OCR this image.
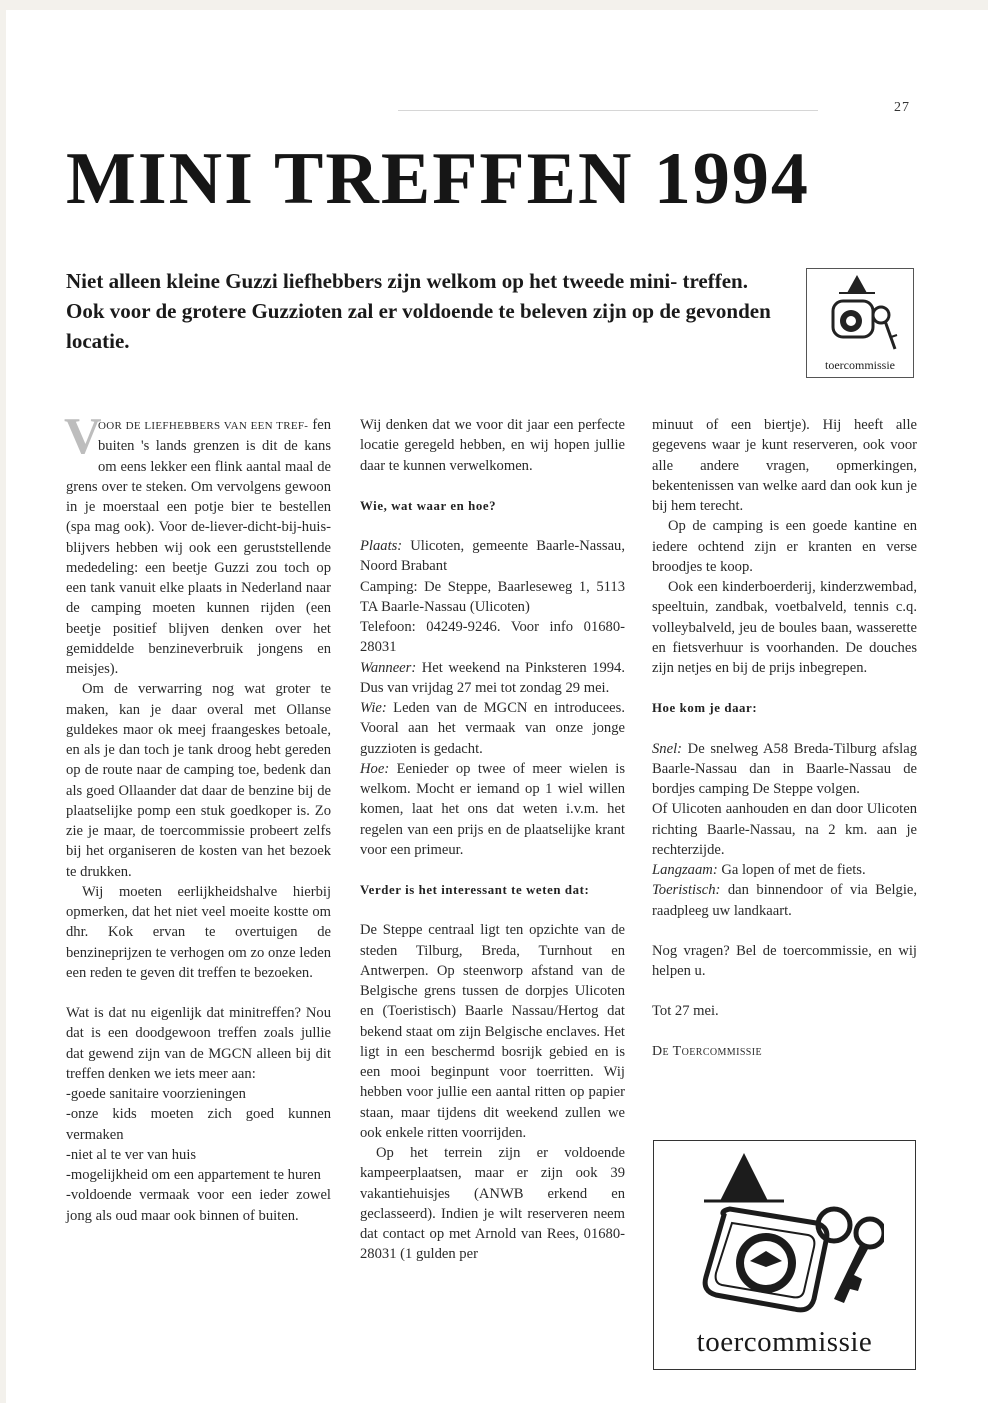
27
MINI TREFFEN 1994
Niet alleen kleine Guzzi liefhebbers zijn welkom op het tweede mini- treffen. Ook voor de grotere Guzzioten zal er voldoende te beleven zijn op de gevonden locatie.
toercommissie

V
OOR DE LIEFHEBBERS VAN EEN TREF- fen buiten 's lands grenzen is dit de kans om eens lekker een flink aantal maal de grens over te steken. Om vervolgens gewoon in je moerstaal een potje bier te bestellen (spa mag ook). Voor de-liever-dicht-bij-huis-blijvers hebben wij ook een geruststellende mededeling: een beetje Guzzi zou toch op een tank vanuit elke plaats in Nederland naar de camping moeten kunnen rijden (een beetje positief blijven denken over het gemiddelde benzineverbruik jongens en meisjes).

Om de verwarring nog wat groter te maken, kan je daar overal met Ollanse guldekes maor ok meej fraangeskes betoale, en als je dan toch je tank droog hebt gereden op de route naar de camping toe, bedenk dan als goed Ollaander dat daar de benzine bij de plaatselijke pomp een stuk goedkoper is. Zo zie je maar, de toercommissie probeert zelfs bij het organiseren de kosten van het bezoek te drukken.

Wij moeten eerlijkheidshalve hierbij opmerken, dat het niet veel moeite kostte om dhr. Kok ervan te overtuigen de benzineprijzen te verhogen om zo onze leden een reden te geven dit treffen te bezoeken.

Wat is dat nu eigenlijk dat minitreffen? Nou dat is een doodgewoon treffen zoals jullie dat gewend zijn van de MGCN alleen bij dit treffen denken we iets meer aan:

-goede sanitaire voorzieningen
-onze kids moeten zich goed kunnen vermaken
-niet al te ver van huis
-mogelijkheid om een appartement te huren
-voldoende vermaak voor een ieder zowel jong als oud maar ook binnen of buiten.

Wij denken dat we voor dit jaar een perfecte locatie geregeld hebben, en wij hopen jullie daar te kunnen verwelkomen.

Wie, wat waar en hoe?

Plaats: Ulicoten, gemeente Baarle-Nassau, Noord Brabant

Camping: De Steppe, Baarleseweg 1, 5113 TA Baarle-Nassau (Ulicoten)

Telefoon: 04249-9246. Voor info 01680-28031

Wanneer: Het weekend na Pinksteren 1994. Dus van vrijdag 27 mei tot zondag 29 mei.

Wie: Leden van de MGCN en introducees. Vooral aan het vermaak van onze jonge guzzioten is gedacht.

Hoe: Eenieder op twee of meer wielen is welkom. Mocht er iemand op 1 wiel willen komen, laat het ons dat weten i.v.m. het regelen van een prijs en de plaatselijke krant voor een primeur.

Verder is het interessant te weten dat:

De Steppe centraal ligt ten opzichte van de steden Tilburg, Breda, Turnhout en Antwerpen. Op steenworp afstand van de Belgische grens tussen de dorpjes Ulicoten en (Toeristisch) Baarle Nassau/Hertog dat bekend staat om zijn Belgische enclaves. Het ligt in een beschermd bosrijk gebied en is een mooi beginpunt voor toerritten. Wij hebben voor jullie een aantal ritten op papier staan, maar tijdens dit weekend zullen we ook enkele ritten voorrijden.

Op het terrein zijn er voldoende kampeerplaatsen, maar er zijn ook 39 vakantiehuisjes (ANWB erkend en geclasseerd). Indien je wilt reserveren neem dat contact op met Arnold van Rees, 01680-28031 (1 gulden per

minuut of een biertje). Hij heeft alle gegevens waar je kunt reserveren, ook voor alle andere vragen, opmerkingen, bekentenissen van welke aard dan ook kun je bij hem terecht.

Op de camping is een goede kantine en iedere ochtend zijn er kranten en verse broodjes te koop.

Ook een kinderboerderij, kinderzwembad, speeltuin, zandbak, voetbalveld, tennis c.q. volleybalveld, jeu de boules baan, wasserette en fietsverhuur is voorhanden. De douches zijn netjes en bij de prijs inbegrepen.

Hoe kom je daar:

Snel: De snelweg A58 Breda-Tilburg afslag Baarle-Nassau dan in Baarle-Nassau de bordjes camping De Steppe volgen.

Of Ulicoten aanhouden en dan door Ulicoten richting Baarle-Nassau, na 2 km. aan je rechterzijde.

Langzaam: Ga lopen of met de fiets.

Toeristisch: dan binnendoor of via Belgie, raadpleeg uw landkaart.

Nog vragen? Bel de toercommissie, en wij helpen u.

Tot 27 mei.

De Toercommissie

toercommissie
